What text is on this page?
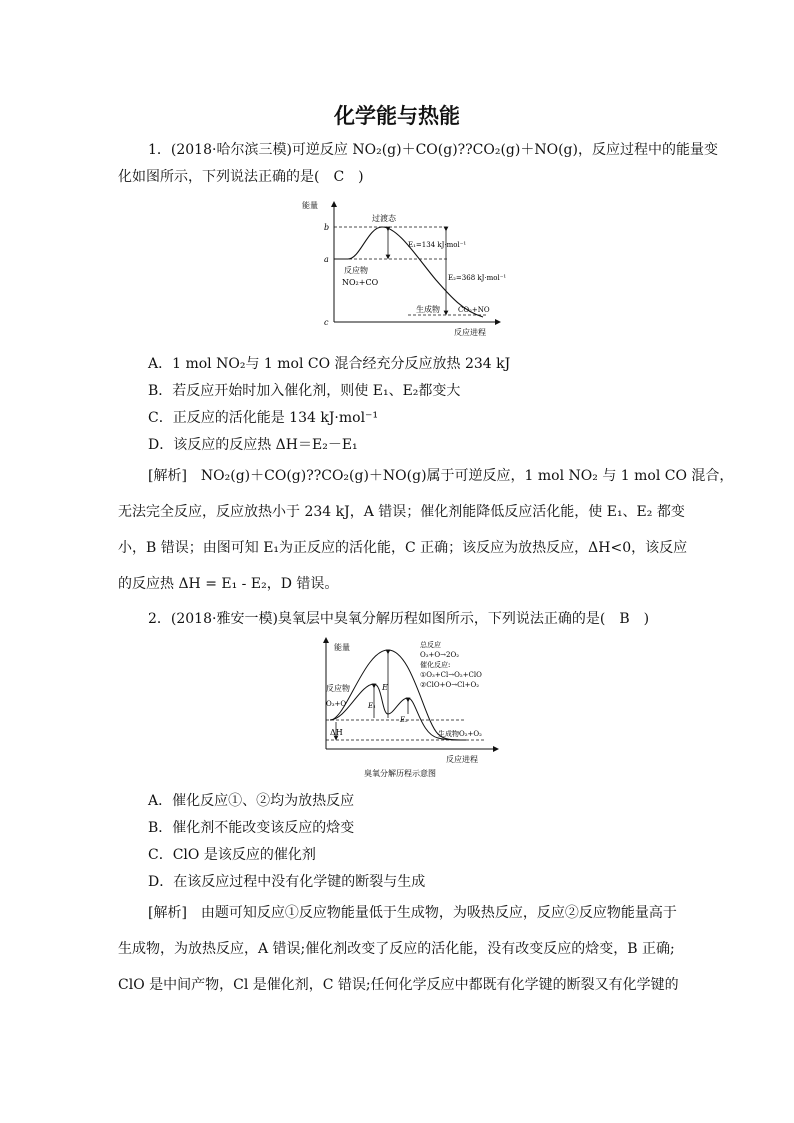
化学能与热能
1．(2018·哈尔滨三模)可逆反应 NO₂(g)＋CO(g)??CO₂(g)＋NO(g)，反应过程中的能量变
化如图所示，下列说法正确的是(　C　)
能量
反应进程
b
a
c
过渡态
E₁=134 kJ·mol⁻¹
E₂=368 kJ·mol⁻¹
反应物
NO₂+CO
生成物	CO₂+NO
A．1 mol NO₂与 1 mol CO 混合经充分反应放热 234 kJ
B．若反应开始时加入催化剂，则使 E₁、E₂都变大
C．正反应的活化能是 134 kJ·mol⁻¹
D．该反应的反应热 ΔH＝E₂－E₁
[解析]　NO₂(g)＋CO(g)??CO₂(g)＋NO(g)属于可逆反应，1 mol NO₂ 与 1 mol CO 混合，
无法完全反应，反应放热小于 234 kJ，A 错误；催化剂能降低反应活化能，使 E₁、E₂ 都变
小，B 错误；由图可知 E₁为正反应的活化能，C 正确；该反应为放热反应，ΔH<0，该反应
的反应热 ΔH = E₁ - E₂，D 错误。
2．(2018·雅安一模)臭氧层中臭氧分解历程如图所示，下列说法正确的是(　B　)
能量
反应进程
臭氧分解历程示意图
E
E₁
E₂
ΔH
反应物
O₃+O
生成物O₂+O₂
总反应
O₃+O→2O₂
催化反应:
①O₃+Cl→O₂+ClO
②ClO+O→Cl+O₂
A．催化反应①、②均为放热反应
B．催化剂不能改变该反应的焓变
C．ClO 是该反应的催化剂
D．在该反应过程中没有化学键的断裂与生成
[解析]　由题可知反应①反应物能量低于生成物，为吸热反应，反应②反应物能量高于
生成物，为放热反应，A 错误;催化剂改变了反应的活化能，没有改变反应的焓变，B 正确;
ClO 是中间产物，Cl 是催化剂，C 错误;任何化学反应中都既有化学键的断裂又有化学键的
